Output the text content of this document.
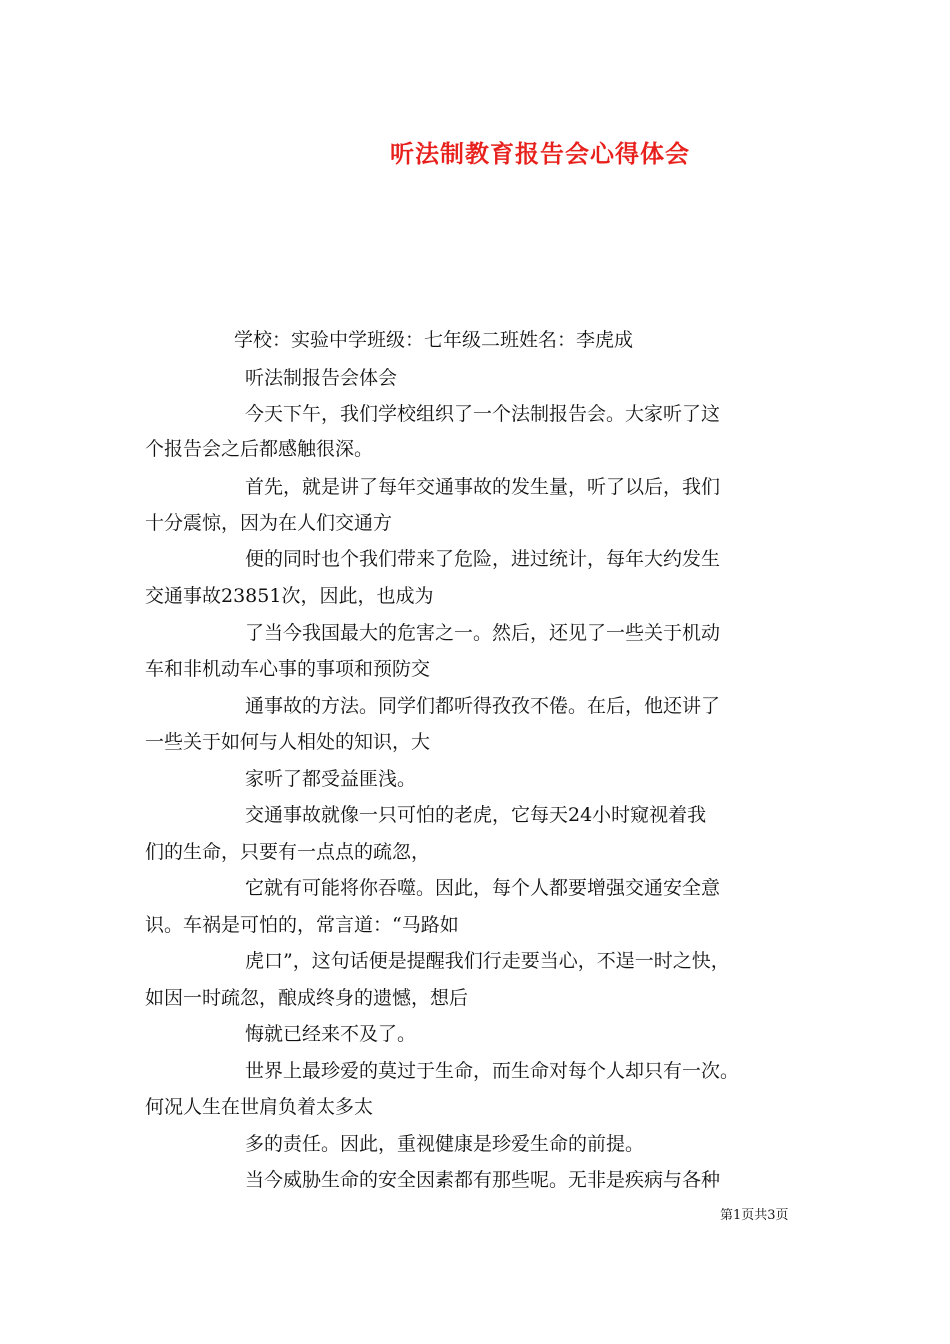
听法制教育报告会心得体会
学校：实验中学班级：七年级二班姓名：李虎成
听法制报告会体会
今天下午，我们学校组织了一个法制报告会。大家听了这
个报告会之后都感触很深。
首先，就是讲了每年交通事故的发生量，听了以后，我们
十分震惊，因为在人们交通方
便的同时也个我们带来了危险，进过统计，每年大约发生
交通事故23851次，因此，也成为
了当今我国最大的危害之一。然后，还见了一些关于机动
车和非机动车心事的事项和预防交
通事故的方法。同学们都听得孜孜不倦。在后，他还讲了
一些关于如何与人相处的知识，大
家听了都受益匪浅。
交通事故就像一只可怕的老虎，它每天24小时窥视着我
们的生命，只要有一点点的疏忽，
它就有可能将你吞噬。因此，每个人都要增强交通安全意
识。车祸是可怕的，常言道：“马路如
虎口”，这句话便是提醒我们行走要当心，不逞一时之快，
如因一时疏忽，酿成终身的遗憾，想后
悔就已经来不及了。
世界上最珍爱的莫过于生命，而生命对每个人却只有一次。
何况人生在世肩负着太多太
多的责任。因此，重视健康是珍爱生命的前提。
当今威胁生命的安全因素都有那些呢。无非是疾病与各种
第1页共3页
